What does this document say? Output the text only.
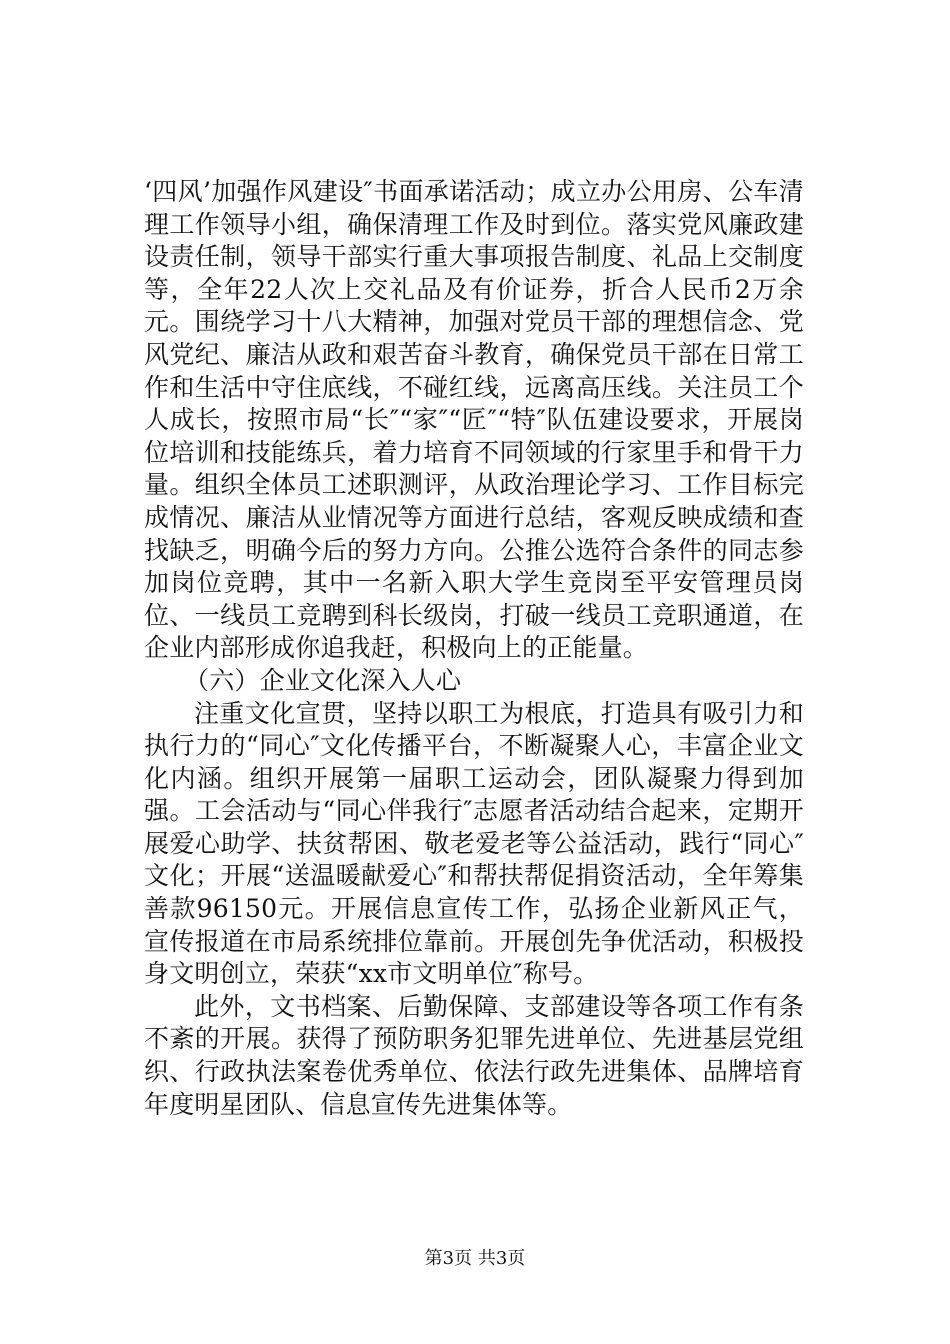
‘四风’加强作风建设″书面承诺活动；成立办公用房、公车清理工作领导小组，确保清理工作及时到位。落实党风廉政建设责任制，领导干部实行重大事项报告制度、礼品上交制度等，全年22人次上交礼品及有价证券，折合人民币2万余元。围绕学习十八大精神，加强对党员干部的理想信念、党风党纪、廉洁从政和艰苦奋斗教育，确保党员干部在日常工作和生活中守住底线，不碰红线，远离高压线。关注员工个人成长，按照市局“长″“家″“匠″“特″队伍建设要求，开展岗位培训和技能练兵，着力培育不同领域的行家里手和骨干力量。组织全体员工述职测评，从政治理论学习、工作目标完成情况、廉洁从业情况等方面进行总结，客观反映成绩和查找缺乏，明确今后的努力方向。公推公选符合条件的同志参加岗位竞聘，其中一名新入职大学生竞岗至平安管理员岗位、一线员工竞聘到科长级岗，打破一线员工竞职通道，在企业内部形成你追我赶，积极向上的正能量。

（六）企业文化深入人心

注重文化宣贯，坚持以职工为根底，打造具有吸引力和执行力的“同心″文化传播平台，不断凝聚人心，丰富企业文化内涵。组织开展第一届职工运动会，团队凝聚力得到加强。工会活动与“同心伴我行″志愿者活动结合起来，定期开展爱心助学、扶贫帮困、敬老爱老等公益活动，践行“同心″文化；开展“送温暖献爱心″和帮扶帮促捐资活动，全年筹集善款96150元。开展信息宣传工作，弘扬企业新风正气，宣传报道在市局系统排位靠前。开展创先争优活动，积极投身文明创立，荣获“xx市文明单位″称号。

此外，文书档案、后勤保障、支部建设等各项工作有条不紊的开展。获得了预防职务犯罪先进单位、先进基层党组织、行政执法案卷优秀单位、依法行政先进集体、品牌培育年度明星团队、信息宣传先进集体等。

第3页 共3页
